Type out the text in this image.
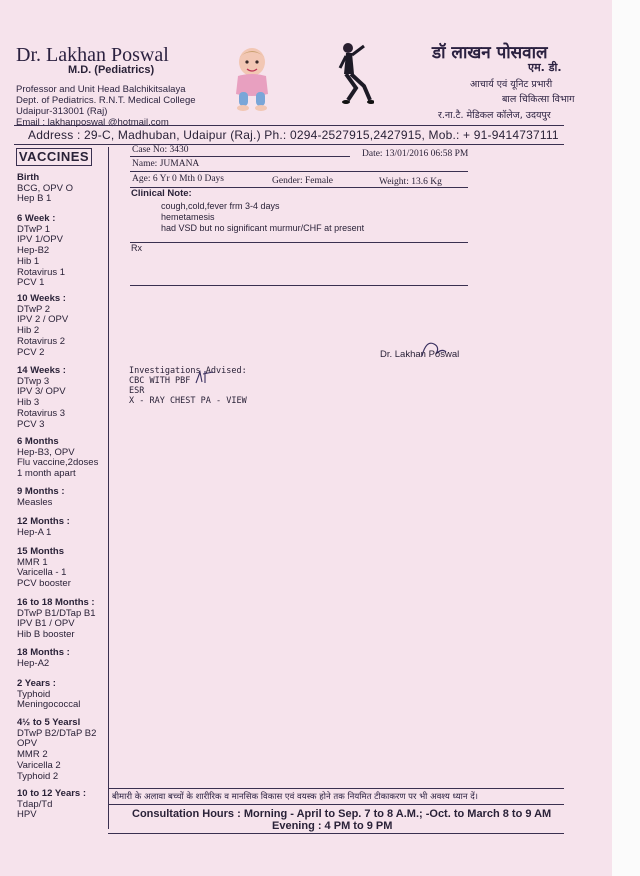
Dr. Lakhan Poswal
M.D. (Pediatrics)
Professor and Unit Head Balchikitsalaya
Dept. of Pediatrics. R.N.T. Medical College
Udaipur-313001 (Raj)
Email : lakhanposwal @hotmail.com
डॉ लाखन पोसवाल
एम. डी.
आचार्य एवं यूनिट प्रभारी
बाल चिकित्सा विभाग
र.ना.टै. मेडिकल कॉलेज, उदयपुर
Address : 29-C, Madhuban, Udaipur (Raj.) Ph.: 0294-2527915,2427915, Mob.: + 91-9414737111
VACCINES
Birth
BCG, OPV O
Hep B 1
6 Week :
DTwP 1
IPV 1/OPV
Hep-B2
Hib 1
Rotavirus 1
PCV 1
10 Weeks :
DTwP 2
IPV 2 / OPV
Hib 2
Rotavirus 2
PCV 2
14 Weeks :
DTwp 3
IPV 3/ OPV
Hib 3
Rotavirus 3
PCV 3
6 Months
Hep-B3, OPV
Flu vaccine,2doses
1 month apart
9 Months :
Measles
12 Months :
Hep-A 1
15 Months
MMR 1
Varicella - 1
PCV booster
16 to 18 Months :
DTwP B1/DTap B1
IPV B1 / OPV
Hib B booster
18 Months :
Hep-A2
2 Years :
Typhoid
Meningococcal
4½ to 5 Yearsl
DTwP B2/DTaP B2
OPV
MMR 2
Varicella 2
Typhoid 2
10 to 12 Years :
Tdap/Td
HPV
Case No: 3430	Date: 13/01/2016 06:58 PM
Name: JUMANA
Age: 6 Yr 0 Mth 0 Days	Gender: Female	Weight: 13.6 Kg
Clinical Note:
cough,cold,fever frm 3-4 days
hemetamesis
had VSD but no significant murmur/CHF at present
Rx
Dr. Lakhan Poswal
Investigations Advised:
CBC WITH PBF
ESR
X - RAY CHEST PA - VIEW
बीमारी के अलावा बच्चों के शारीरिक व मानसिक विकास एवं वयस्क होने तक नियमित टीकाकरण पर भी अवश्य ध्यान दें।
Consultation Hours : Morning - April to Sep. 7 to 8 A.M.; -Oct. to March 8 to 9 AM
Evening : 4 PM to 9 PM
